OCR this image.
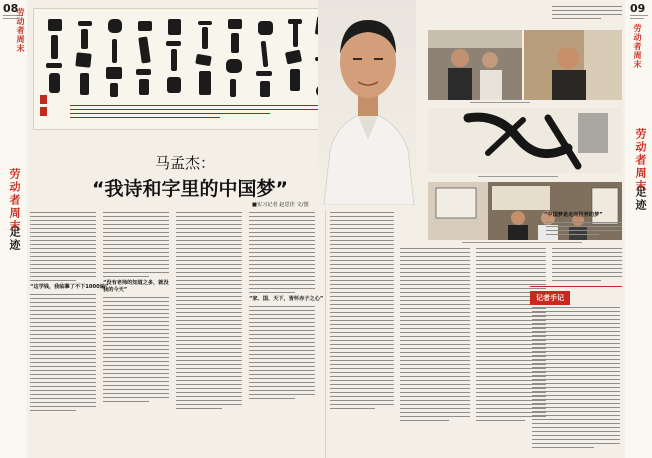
08
劳动者周末
劳动者周末
足迹
09
劳动者周末
劳动者周末
足迹
马孟杰：
“我诗和字里的中国梦”
■实习记者 赵思佳 文/图
“这学钱，我临摹了不下1000遍”
“没有老师的知道之多，就没我的今天”
“家、国、天下，皆怀赤子之心”
“中国梦是走向世界的梦”
记者手记
